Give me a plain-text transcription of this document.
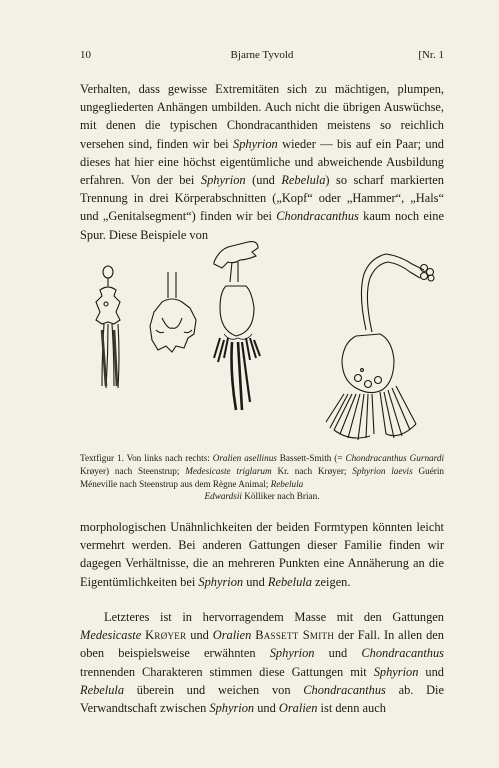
10	Bjarne Tyvold	[Nr. 1
Verhalten, dass gewisse Extremitäten sich zu mächtigen, plumpen, ungegliederten Anhängen umbilden. Auch nicht die übrigen Auswüchse, mit denen die typischen Chondracanthiden meistens so reichlich versehen sind, finden wir bei Sphyrion wieder — bis auf ein Paar; und dieses hat hier eine höchst eigentümliche und abweichende Ausbildung erfahren. Von der bei Sphyrion (und Rebelula) so scharf markierten Trennung in drei Körperabschnitten („Kopf“ oder „Hammer“, „Hals“ und „Genitalsegment“) finden wir bei Chondracanthus kaum noch eine Spur. Diese Beispiele von
Textfigur 1. Von links nach rechts: Oralien asellinus Bassett-Smith (= Chondracanthus Gurnardi Krøyer) nach Steenstrup; Medesicaste triglarum Kr. nach Krøyer; Sphyrion laevis Guérin Méneville nach Steenstrup aus dem Règne Animal; Rebelula
Edwardsii Kölliker nach Brian.
morphologischen Unähnlichkeiten der beiden Formtypen könnten leicht vermehrt werden. Bei anderen Gattungen dieser Familie finden wir dagegen Verhältnisse, die an mehreren Punkten eine Annäherung an die Eigentümlichkeiten bei Sphyrion und Rebelula zeigen.
Letzteres ist in hervorragendem Masse mit den Gattungen Medesicaste Krøyer und Oralien Bassett Smith der Fall. In allen den oben beispielsweise erwähnten Sphyrion und Chondracanthus trennenden Charakteren stimmen diese Gattungen mit Sphyrion und Rebelula überein und weichen von Chondracanthus ab. Die Verwandtschaft zwischen Sphyrion und Oralien ist denn auch
